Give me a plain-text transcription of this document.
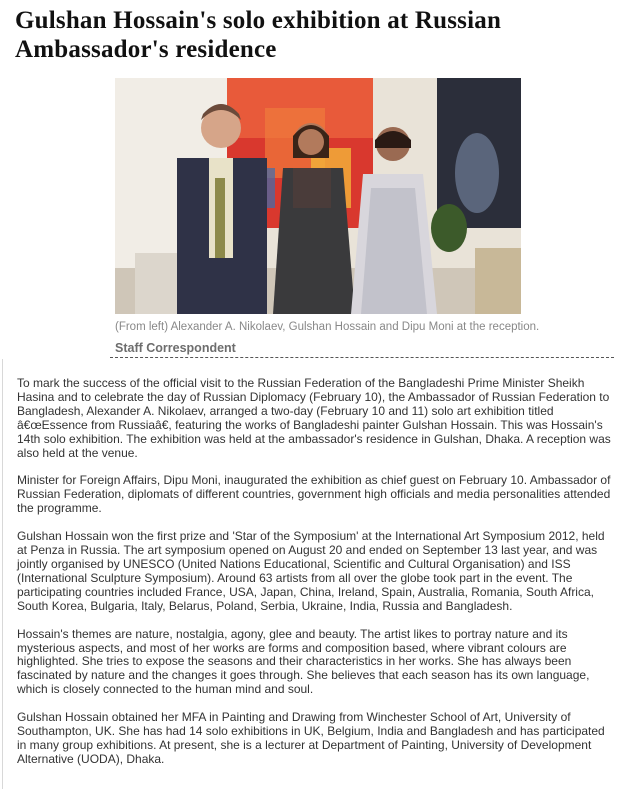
Gulshan Hossain's solo exhibition at Russian Ambassador's residence
(From left) Alexander A. Nikolaev, Gulshan Hossain and Dipu Moni at the reception.
Staff Correspondent

To mark the success of the official visit to the Russian Federation of the Bangladeshi Prime Minister Sheikh Hasina and to celebrate the day of Russian Diplomacy (February 10), the Ambassador of Russian Federation to Bangladesh, Alexander A. Nikolaev, arranged a two-day (February 10 and 11) solo art exhibition titled â€œEssence from Russiaâ€, featuring the works of Bangladeshi painter Gulshan Hossain. This was Hossain's 14th solo exhibition. The exhibition was held at the ambassador's residence in Gulshan, Dhaka. A reception was also held at the venue.

Minister for Foreign Affairs, Dipu Moni, inaugurated the exhibition as chief guest on February 10. Ambassador of Russian Federation, diplomats of different countries, government high officials and media personalities attended the programme.

Gulshan Hossain won the first prize and 'Star of the Symposium' at the International Art Symposium 2012, held at Penza in Russia. The art symposium opened on August 20 and ended on September 13 last year, and was jointly organised by UNESCO (United Nations Educational, Scientific and Cultural Organisation) and ISS (International Sculpture Symposium). Around 63 artists from all over the globe took part in the event. The participating countries included France, USA, Japan, China, Ireland, Spain, Australia, Romania, South Africa, South Korea, Bulgaria, Italy, Belarus, Poland, Serbia, Ukraine, India, Russia and Bangladesh.

Hossain's themes are nature, nostalgia, agony, glee and beauty. The artist likes to portray nature and its mysterious aspects, and most of her works are forms and composition based, where vibrant colours are highlighted. She tries to expose the seasons and their characteristics in her works. She has always been fascinated by nature and the changes it goes through. She believes that each season has its own language, which is closely connected to the human mind and soul.

Gulshan Hossain obtained her MFA in Painting and Drawing from Winchester School of Art, University of Southampton, UK. She has had 14 solo exhibitions in UK, Belgium, India and Bangladesh and has participated in many group exhibitions. At present, she is a lecturer at Department of Painting, University of Development Alternative (UODA), Dhaka.
